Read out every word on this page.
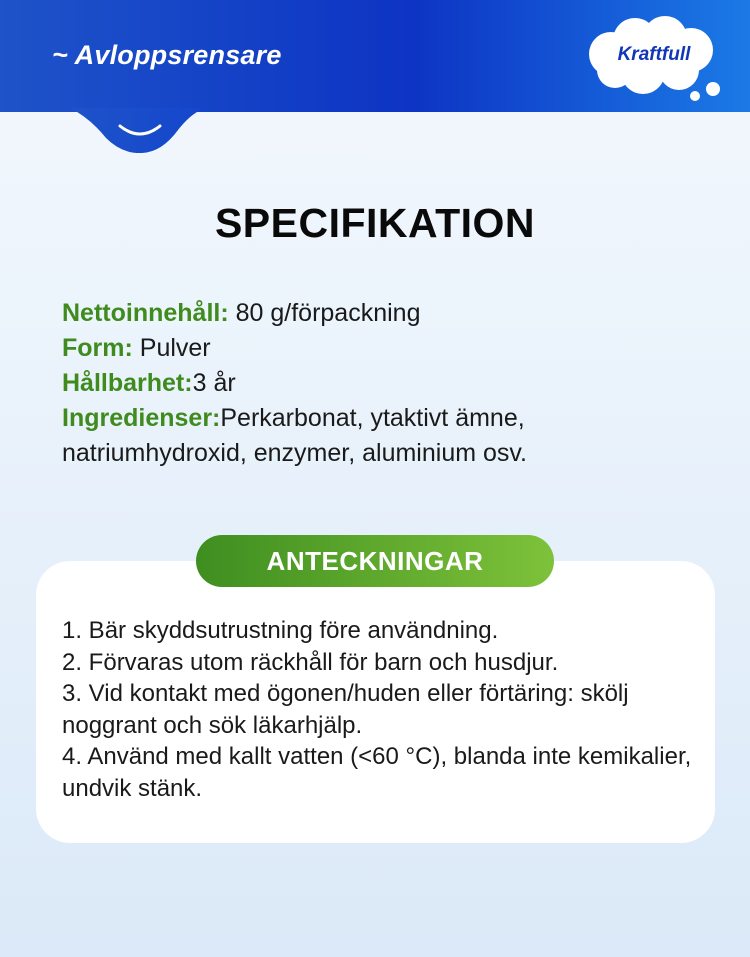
~ Avloppsrensare	Kraftfull
SPECIFIKATION

Nettoinnehåll: 80 g/förpackning

Form: Pulver

Hållbarhet:3 år

Ingredienser:Perkarbonat, ytaktivt ämne, natriumhydroxid, enzymer, aluminium osv.

ANTECKNINGAR

1. Bär skyddsutrustning före användning.

2. Förvaras utom räckhåll för barn och husdjur.

3. Vid kontakt med ögonen/huden eller förtäring: skölj noggrant och sök läkarhjälp.

4. Använd med kallt vatten (<60 °C), blanda inte kemikalier, undvik stänk.
